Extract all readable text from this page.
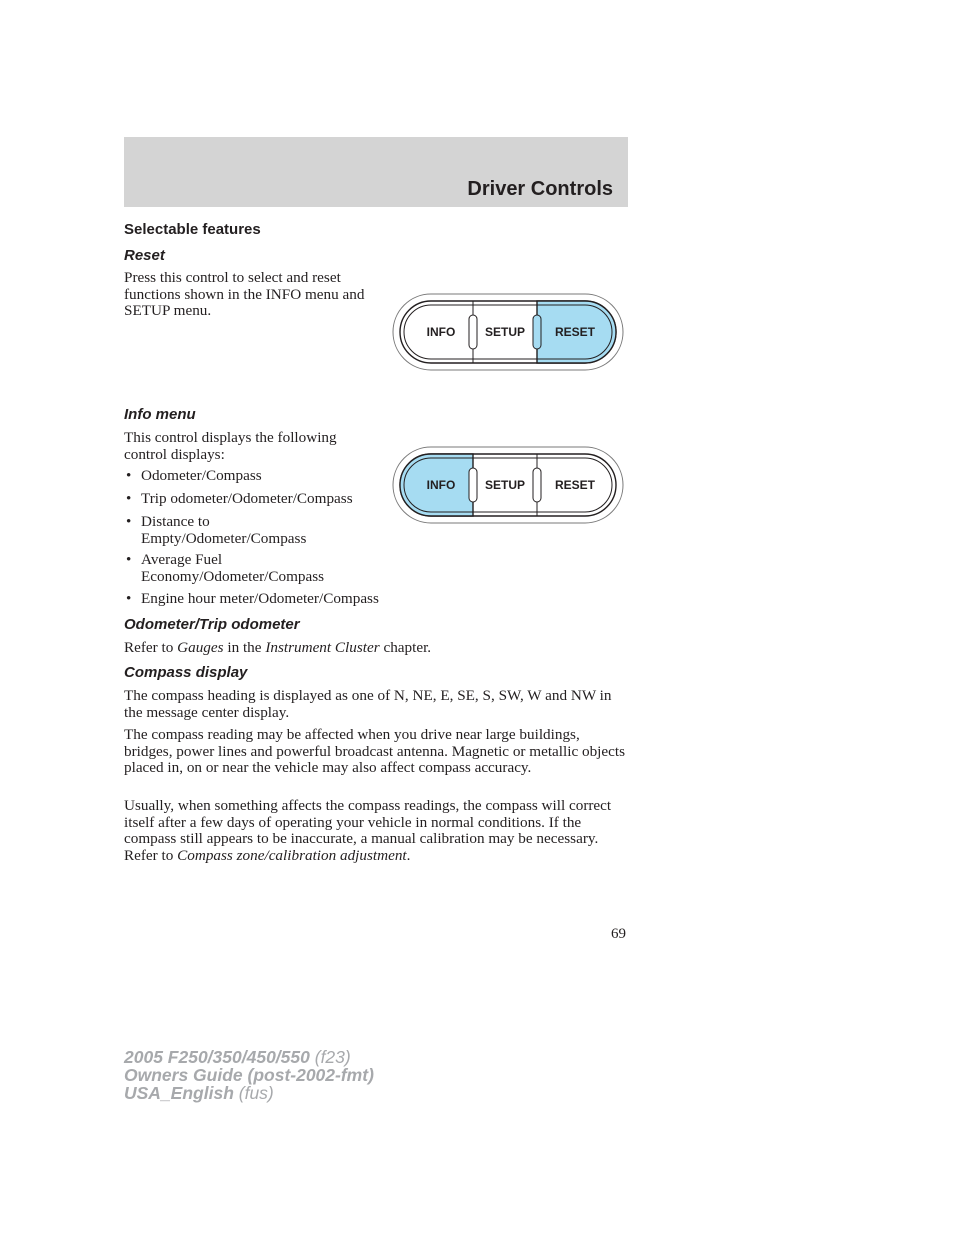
Driver Controls

Selectable features

Reset

Press this control to select and reset functions shown in the INFO menu and SETUP menu.

INFO SETUP RESET

Info menu

This control displays the following control displays:

INFO SETUP RESET
• Odometer/Compass
• Trip odometer/Odometer/Compass
• Distance to Empty/Odometer/Compass
• Average Fuel Economy/Odometer/Compass
• Engine hour meter/Odometer/Compass

Odometer/Trip odometer

Refer to Gauges in the Instrument Cluster chapter.

Compass display

The compass heading is displayed as one of N, NE, E, SE, S, SW, W and NW in the message center display.

The compass reading may be affected when you drive near large buildings, bridges, power lines and powerful broadcast antenna. Magnetic or metallic objects placed in, on or near the vehicle may also affect compass accuracy.

Usually, when something affects the compass readings, the compass will correct itself after a few days of operating your vehicle in normal conditions. If the compass still appears to be inaccurate, a manual calibration may be necessary. Refer to Compass zone/calibration adjustment.

69
2005 F250/350/450/550 (f23)
Owners Guide (post-2002-fmt)
USA_English (fus)
